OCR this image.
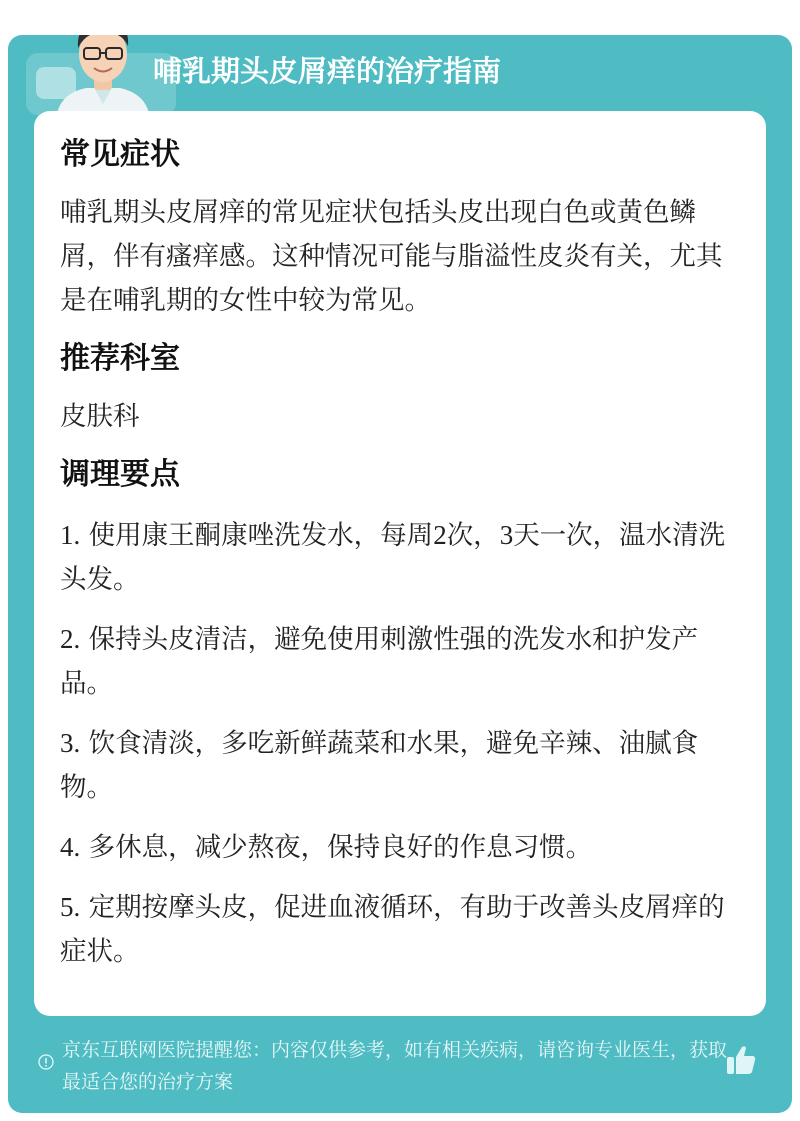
哺乳期头皮屑痒的治疗指南
常见症状

哺乳期头皮屑痒的常见症状包括头皮出现白色或黄色鳞屑，伴有瘙痒感。这种情况可能与脂溢性皮炎有关，尤其是在哺乳期的女性中较为常见。

推荐科室

皮肤科

调理要点
1. 使用康王酮康唑洗发水，每周2次，3天一次，温水清洗头发。
2. 保持头皮清洁，避免使用刺激性强的洗发水和护发产品。
3. 饮食清淡，多吃新鲜蔬菜和水果，避免辛辣、油腻食物。
4. 多休息，减少熬夜，保持良好的作息习惯。
5. 定期按摩头皮，促进血液循环，有助于改善头皮屑痒的症状。
京东互联网医院提醒您：内容仅供参考，如有相关疾病，请咨询专业医生，获取最适合您的治疗方案
